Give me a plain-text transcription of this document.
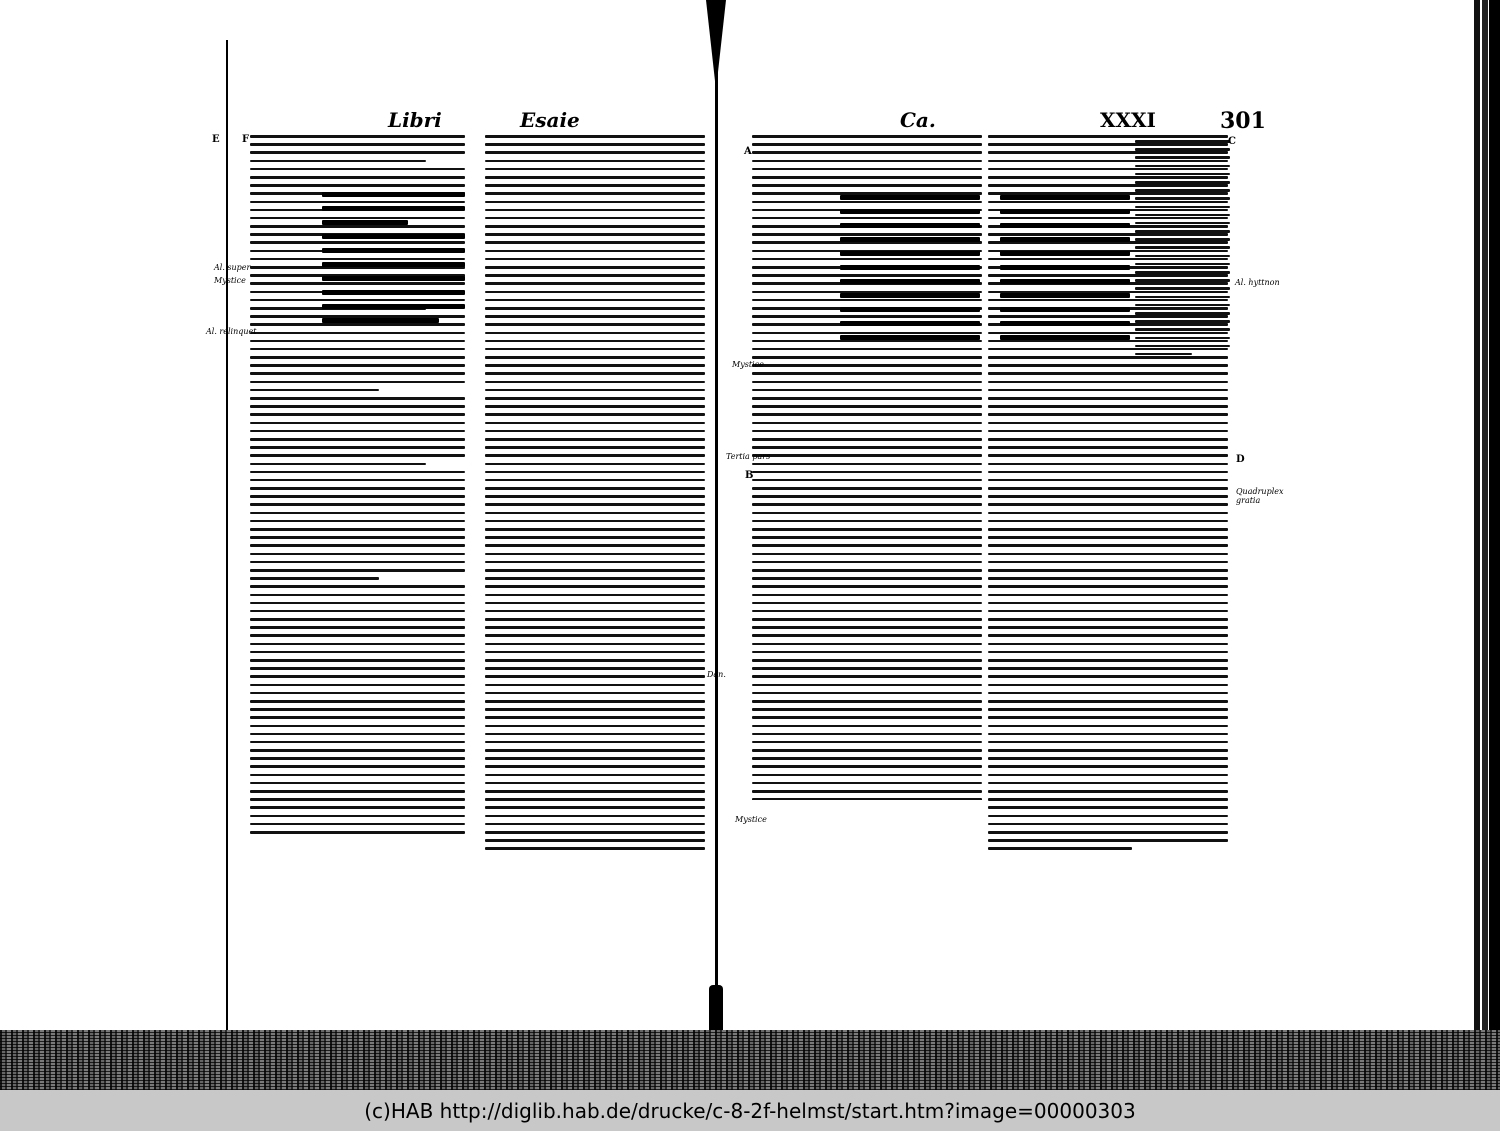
Libri	Esaie	Ca.	XXXI	301
Al. super
Mystice
Al. relinquet
Al. hyttnon
Mystice
Quadruplex gratia
Mystice
Tertia pars
Dan.
E F
A
B
C
D
(c)HAB http://diglib.hab.de/drucke/c-8-2f-helmst/start.htm?image=00000303
